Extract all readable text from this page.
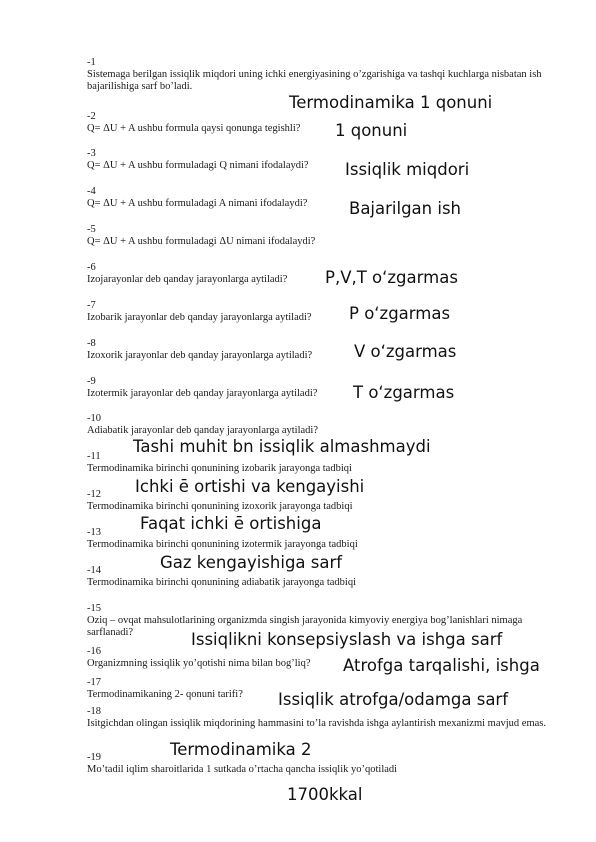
-1
Sistemaga berilgan issiqlik miqdori uning ichki energiyasining o’zgarishiga va tashqi kuchlarga nisbatan ish bajarilishiga sarf bo’ladi.
-2
Q= ΔU + A ushbu formula qaysi qonunga tegishli?
-3
Q= ΔU + A ushbu formuladagi Q nimani ifodalaydi?
-4
Q= ΔU + A ushbu formuladagi A nimani ifodalaydi?
-5
Q= ΔU + A ushbu formuladagi ΔU nimani ifodalaydi?
-6
Izojarayonlar deb qanday jarayonlarga aytiladi?
-7
Izobarik jarayonlar deb qanday jarayonlarga aytiladi?
-8
Izoxorik jarayonlar deb qanday jarayonlarga aytiladi?
-9
Izotermik jarayonlar deb qanday jarayonlarga aytiladi?
-10
Adiabatik jarayonlar deb qanday jarayonlarga aytiladi?
-11
Termodinamika birinchi qonunining izobarik jarayonga tadbiqi
-12
Termodinamika birinchi qonunining izoxorik jarayonga tadbiqi
-13
Termodinamika birinchi qonunining izotermik jarayonga tadbiqi
-14
Termodinamika birinchi qonunining adiabatik jarayonga tadbiqi
-15
Oziq – ovqat mahsulotlarining organizmda singish jarayonida kimyoviy energiya bog’lanishlari nimaga sarflanadi?
-16
Organizmning issiqlik yo’qotishi nima bilan bog’liq?
-17
Termodinamikaning 2- qonuni tarifi?
-18
Isitgichdan olingan issiqlik miqdorining hammasini to’la ravishda ishga aylantirish mexanizmi mavjud emas.
-19
Mo’tadil iqlim sharoitlarida 1 sutkada o’rtacha qancha issiqlik yo’qotiladi
Termodinamika 1 qonuni
1 qonuni
Issiqlik miqdori
Bajarilgan ish
P,V,T o‘zgarmas
P o‘zgarmas
V o‘zgarmas
T o‘zgarmas
Tashi muhit bn issiqlik almashmaydi
Ichki ē ortishi va kengayishi
Faqat ichki ē ortishiga
Gaz kengayishiga sarf
Issiqlikni konsepsiyslash va ishga sarf
Atrofga tarqalishi, ishga
Issiqlik atrofga/odamga sarf
Termodinamika 2
1700kkal
